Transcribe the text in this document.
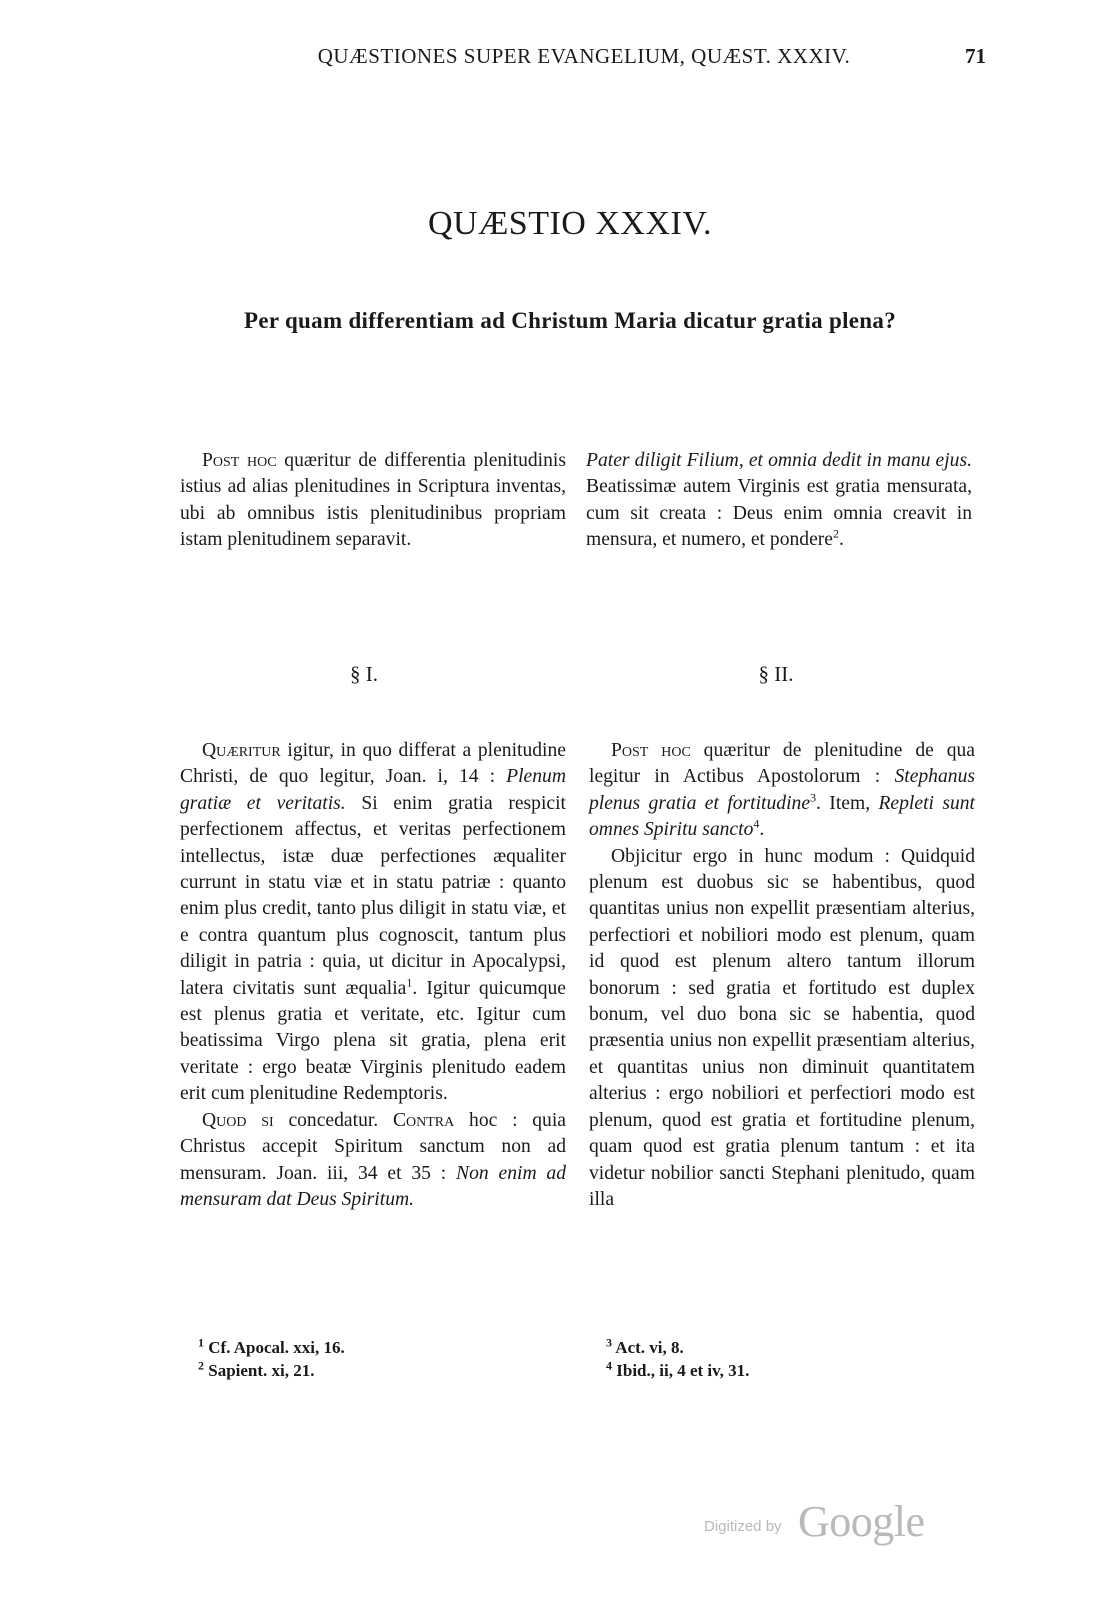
QUÆSTIONES SUPER EVANGELIUM, QUÆST. XXXIV.	71
QUÆSTIO XXXIV.
Per quam differentiam ad Christum Maria dicatur gratia plena?

Post hoc quæritur de differentia plenitudinis istius ad alias plenitudines in Scriptura inventas, ubi ab omnibus istis plenitudinibus propriam istam plenitudinem separavit.

Pater diligit Filium, et omnia dedit in manu ejus. Beatissimæ autem Virginis est gratia mensurata, cum sit creata : Deus enim omnia creavit in mensura, et numero, et pondere$^2$.

§ I.	§ II.

Quæritur igitur, in quo differat a plenitudine Christi, de quo legitur, Joan. i, 14 : Plenum gratiæ et veritatis. Si enim gratia respicit perfectionem affectus, et veritas perfectionem intellectus, istæ duæ perfectiones æqualiter currunt in statu viæ et in statu patriæ : quanto enim plus credit, tanto plus diligit in statu viæ, et e contra quantum plus cognoscit, tantum plus diligit in patria : quia, ut dicitur in Apocalypsi, latera civitatis sunt æqualia$^1$. Igitur quicumque est plenus gratia et veritate, etc. Igitur cum beatissima Virgo plena sit gratia, plena erit veritate : ergo beatæ Virginis plenitudo eadem erit cum plenitudine Redemptoris.

Quod si concedatur. Contra hoc : quia Christus accepit Spiritum sanctum non ad mensuram. Joan. iii, 34 et 35 : Non enim ad mensuram dat Deus Spiritum.

Post hoc quæritur de plenitudine de qua legitur in Actibus Apostolorum : Stephanus plenus gratia et fortitudine$^3$. Item, Repleti sunt omnes Spiritu sancto$^4$.

Objicitur ergo in hunc modum : Quidquid plenum est duobus sic se habentibus, quod quantitas unius non expellit præsentiam alterius, perfectiori et nobiliori modo est plenum, quam id quod est plenum altero tantum illorum bonorum : sed gratia et fortitudo est duplex bonum, vel duo bona sic se habentia, quod præsentia unius non expellit præsentiam alterius, et quantitas unius non diminuit quantitatem alterius : ergo nobiliori et perfectiori modo est plenum, quod est gratia et fortitudine plenum, quam quod est gratia plenum tantum : et ita videtur nobilior sancti Stephani plenitudo, quam illa

$^1$ Cf. Apocal. xxi, 16.
$^2$ Sapient. xi, 21.
$^3$ Act. vi, 8.
$^4$ Ibid., ii, 4 et iv, 31.
Digitized by Google
